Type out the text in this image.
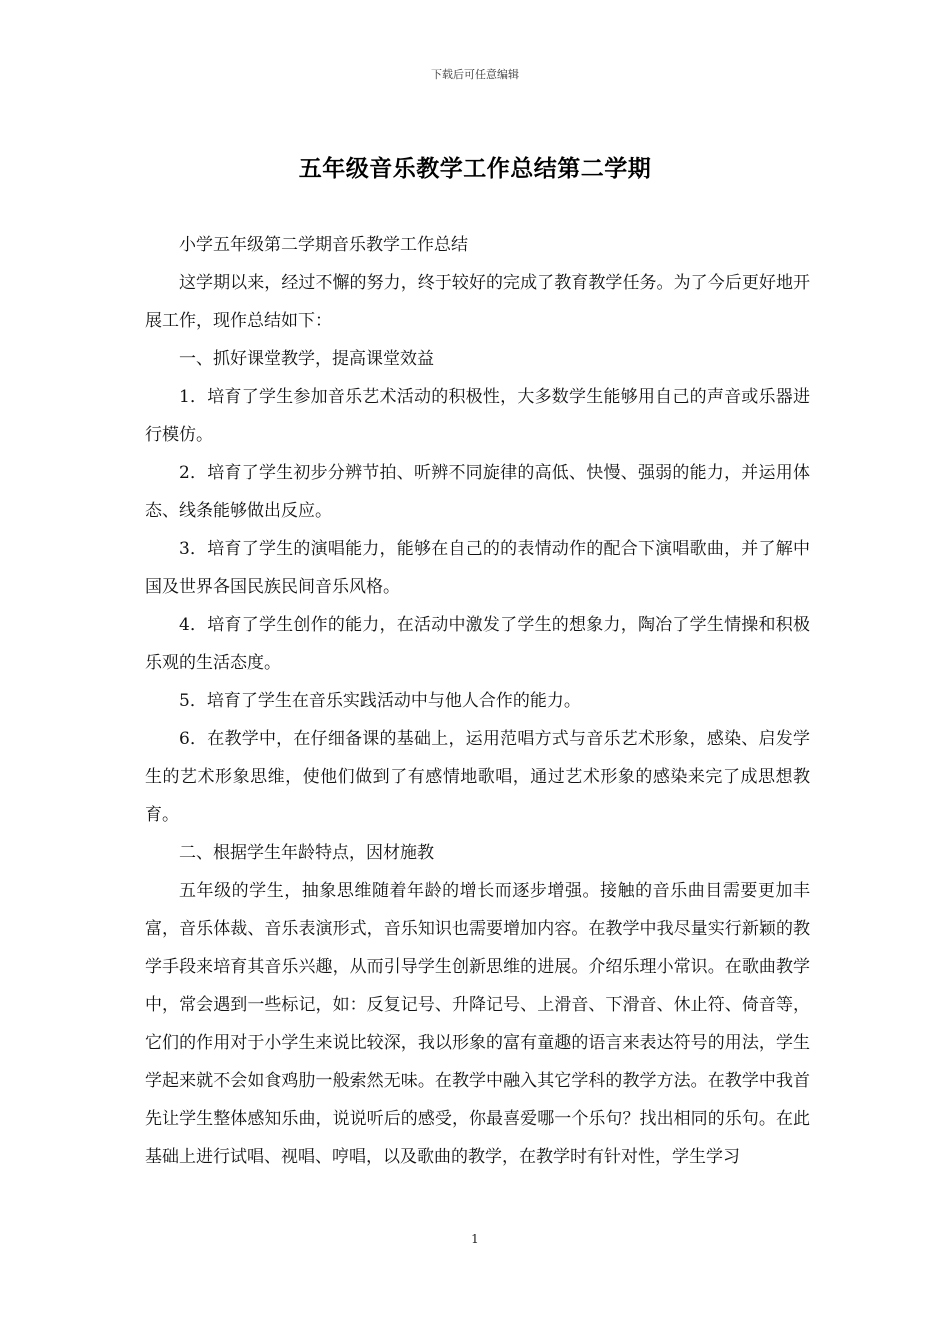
下载后可任意编辑
五年级音乐教学工作总结第二学期

小学五年级第二学期音乐教学工作总结

这学期以来，经过不懈的努力，终于较好的完成了教育教学任务。为了今后更好地开展工作，现作总结如下：

一、抓好课堂教学，提高课堂效益

1．培育了学生参加音乐艺术活动的积极性，大多数学生能够用自己的声音或乐器进行模仿。

2．培育了学生初步分辨节拍、听辨不同旋律的高低、快慢、强弱的能力，并运用体态、线条能够做出反应。

3．培育了学生的演唱能力，能够在自己的的表情动作的配合下演唱歌曲，并了解中国及世界各国民族民间音乐风格。

4．培育了学生创作的能力，在活动中激发了学生的想象力，陶冶了学生情操和积极乐观的生活态度。

5．培育了学生在音乐实践活动中与他人合作的能力。

6．在教学中，在仔细备课的基础上，运用范唱方式与音乐艺术形象，感染、启发学生的艺术形象思维，使他们做到了有感情地歌唱，通过艺术形象的感染来完了成思想教育。

二、根据学生年龄特点，因材施教

五年级的学生，抽象思维随着年龄的增长而逐步增强。接触的音乐曲目需要更加丰富，音乐体裁、音乐表演形式，音乐知识也需要增加内容。在教学中我尽量实行新颖的教学手段来培育其音乐兴趣，从而引导学生创新思维的进展。介绍乐理小常识。在歌曲教学中，常会遇到一些标记，如：反复记号、升降记号、上滑音、下滑音、休止符、倚音等，它们的作用对于小学生来说比较深，我以形象的富有童趣的语言来表达符号的用法，学生学起来就不会如食鸡肋一般索然无味。在教学中融入其它学科的教学方法。在教学中我首先让学生整体感知乐曲，说说听后的感受，你最喜爱哪一个乐句？找出相同的乐句。在此基础上进行试唱、视唱、哼唱，以及歌曲的教学，在教学时有针对性，学生学习

1
